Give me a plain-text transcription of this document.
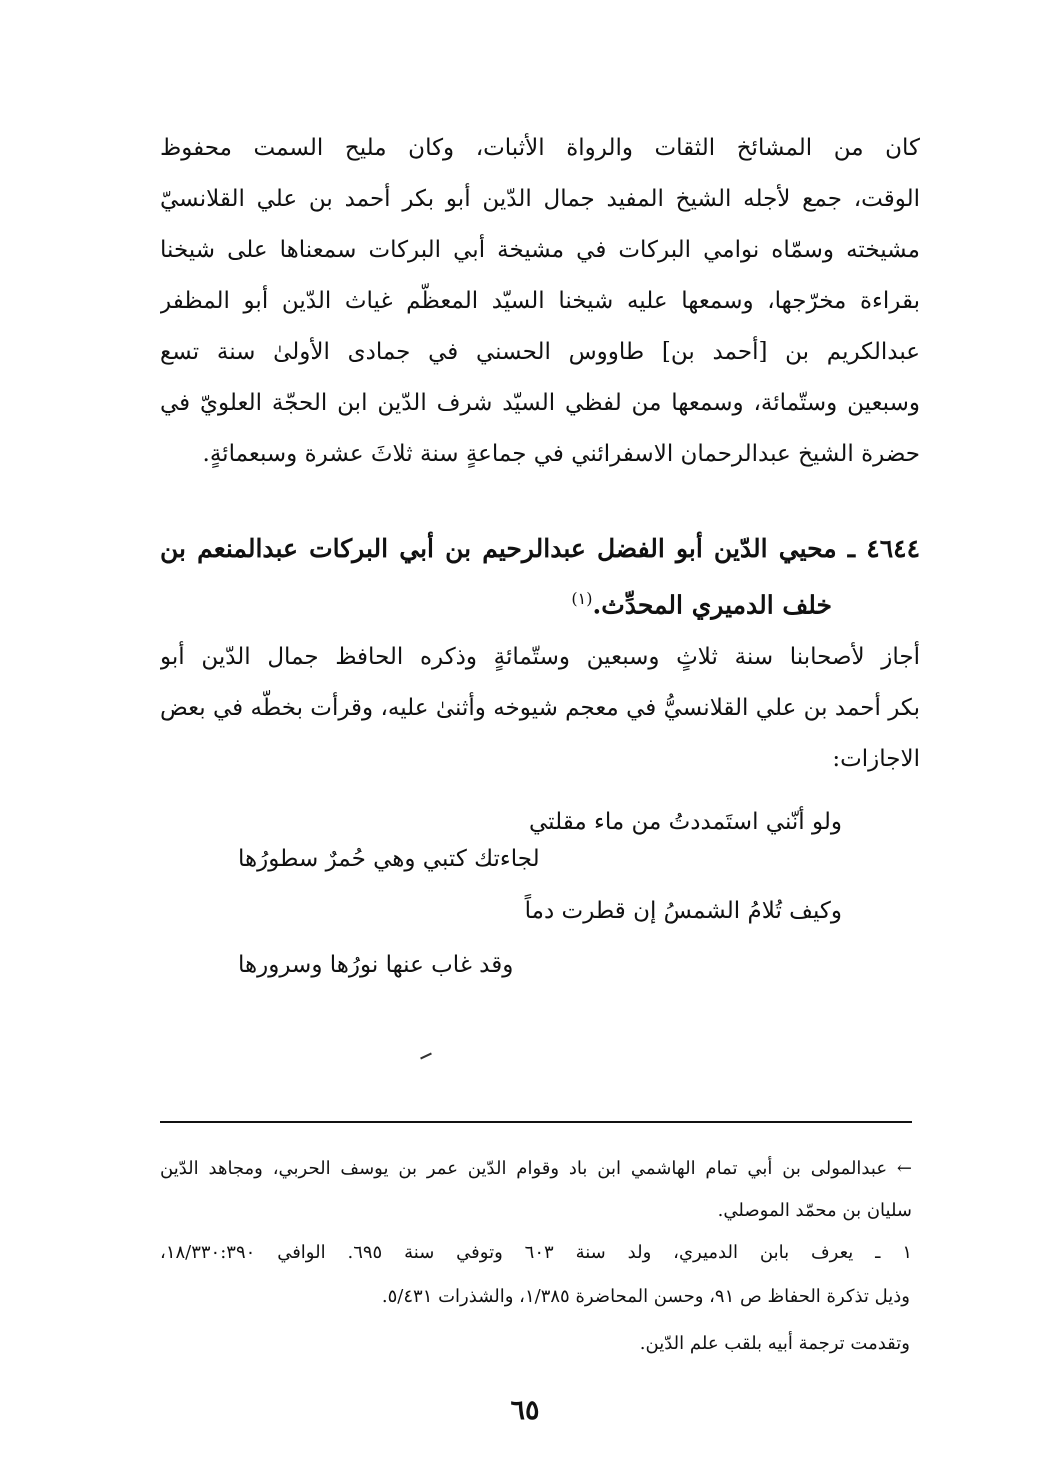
كان من المشائخ الثقات والرواة الأثبات، وكان مليح السمت محفوظ
الوقت، جمع لأجله الشيخ المفيد جمال الدّين أبو بكر أحمد بن علي القلانسيّ
مشيخته وسمّاه نوامي البركات في مشيخة أبي البركات سمعناها على شيخنا
بقراءة مخرّجها، وسمعها عليه شيخنا السيّد المعظّم غياث الدّين أبو المظفر
عبدالكريم بن [أحمد بن] طاووس الحسني في جمادى الأولىٰ سنة تسع
وسبعين وستّمائة، وسمعها من لفظي السيّد شرف الدّين ابن الحجّة العلويّ في
حضرة الشيخ عبدالرحمان الاسفرائني في جماعةٍ سنة ثلاثَ عشرة وسبعمائةٍ.
٤٦٤٤ ـ محيي الدّين أبو الفضل عبدالرحيم بن أبي البركات عبدالمنعم بن
خلف الدميري المحدِّث.$^{(١)}$
أجاز لأصحابنا سنة ثلاثٍ وسبعين وستّمائةٍ وذكره الحافظ جمال الدّين أبو
بكر أحمد بن علي القلانسيُّ في معجم شيوخه وأثنىٰ عليه، وقرأت بخطّه في بعض
الاجازات:
ولو أنّني استَمددتُ من ماء مقلتي
لجاءتك كتبي وهي حُمرٌ سطورُها
وكيف تُلامُ الشمسُ إن قطرت دماً
وقد غاب عنها نورُها وسرورها
← عبدالمولى بن أبي تمام الهاشمي ابن باد وقوام الدّين عمر بن يوسف الحربي، ومجاهد الدّين
سليان بن محمّد الموصلي.
١ ـ يعرف بابن الدميري، ولد سنة ٦٠٣ وتوفي سنة ٦٩٥. الوافي ١٨/٣٣٠:٣٩٠،
وذيل تذكرة الحفاظ ص ٩١، وحسن المحاضرة ١/٣٨٥، والشذرات ٥/٤٣١.
وتقدمت ترجمة أبيه بلقب علم الدّين.
٦٥
